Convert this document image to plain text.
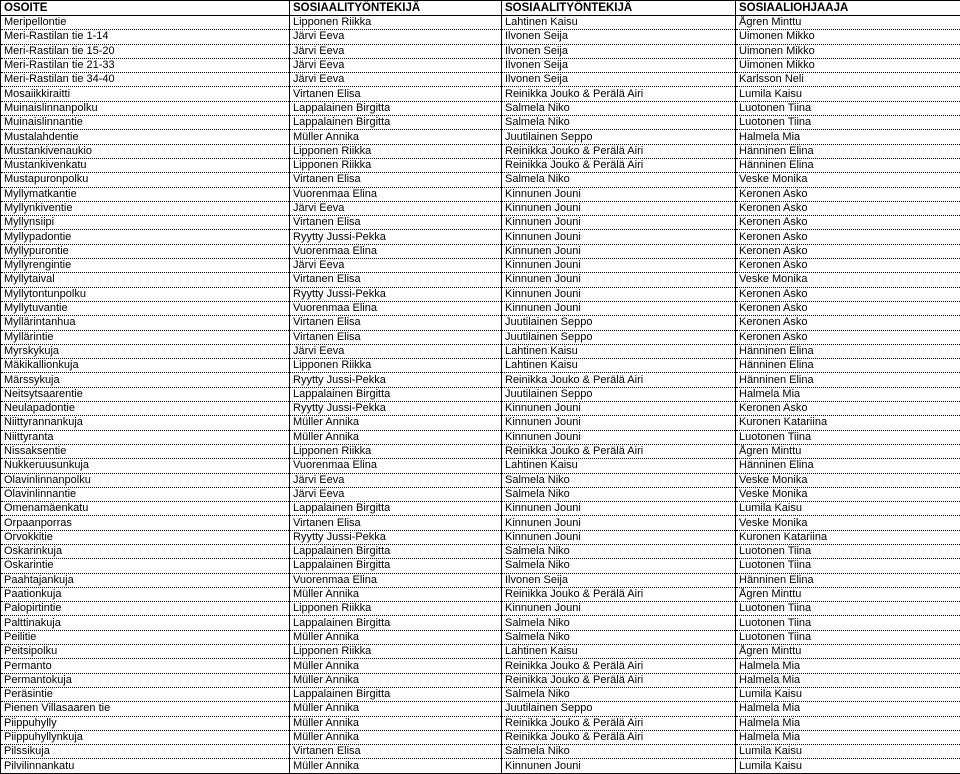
OSOITE	SOSIAALITYÖNTEKIJÄ	SOSIAALITYÖNTEKIJÄ	SOSIAALIOHJAAJA
Meripellontie	Lipponen Riikka	Lahtinen Kaisu	Ågren Minttu
Meri-Rastilan tie 1-14	Järvi Eeva	Ilvonen Seija	Uimonen Mikko
Meri-Rastilan tie 15-20	Järvi Eeva	Ilvonen Seija	Uimonen Mikko
Meri-Rastilan tie 21-33	Järvi Eeva	Ilvonen Seija	Uimonen Mikko
Meri-Rastilan tie 34-40	Järvi Eeva	Ilvonen Seija	Karlsson Neli
Mosaiikkiraitti	Virtanen Elisa	Reinikka Jouko & Perälä Airi	Lumila Kaisu
Muinaislinnanpolku	Lappalainen Birgitta	Salmela Niko	Luotonen Tiina
Muinaislinnantie	Lappalainen Birgitta	Salmela Niko	Luotonen Tiina
Mustalahdentie	Müller Annika	Juutilainen Seppo	Halmela Mia
Mustankivenaukio	Lipponen Riikka	Reinikka Jouko & Perälä Airi	Hänninen Elina
Mustankivenkatu	Lipponen Riikka	Reinikka Jouko & Perälä Airi	Hänninen Elina
Mustapuronpolku	Virtanen Elisa	Salmela Niko	Veske Monika
Myllymatkantie	Vuorenmaa Elina	Kinnunen Jouni	Keronen Asko
Myllynkiventie	Järvi Eeva	Kinnunen Jouni	Keronen Asko
Myllynsiipi	Virtanen Elisa	Kinnunen Jouni	Keronen Asko
Myllypadontie	Ryytty Jussi-Pekka	Kinnunen Jouni	Keronen Asko
Myllypurontie	Vuorenmaa Elina	Kinnunen Jouni	Keronen Asko
Myllyrengintie	Järvi Eeva	Kinnunen Jouni	Keronen Asko
Myllytaival	Virtanen Elisa	Kinnunen Jouni	Veske Monika
Myllytontunpolku	Ryytty Jussi-Pekka	Kinnunen Jouni	Keronen Asko
Myllytuvantie	Vuorenmaa Elina	Kinnunen Jouni	Keronen Asko
Myllärintanhua	Virtanen Elisa	Juutilainen Seppo	Keronen Asko
Myllärintie	Virtanen Elisa	Juutilainen Seppo	Keronen Asko
Myrskykuja	Järvi Eeva	Lahtinen Kaisu	Hänninen Elina
Mäkikallionkuja	Lipponen Riikka	Lahtinen Kaisu	Hänninen Elina
Märssykuja	Ryytty Jussi-Pekka	Reinikka Jouko & Perälä Airi	Hänninen Elina
Neitsytsaarentie	Lappalainen Birgitta	Juutilainen Seppo	Halmela Mia
Neulapadontie	Ryytty Jussi-Pekka	Kinnunen Jouni	Keronen Asko
Niittyrannankuja	Müller Annika	Kinnunen Jouni	Kuronen Katariina
Niittyranta	Müller Annika	Kinnunen Jouni	Luotonen Tiina
Nissaksentie	Lipponen Riikka	Reinikka Jouko & Perälä Airi	Ågren Minttu
Nukkeruusunkuja	Vuorenmaa Elina	Lahtinen Kaisu	Hänninen Elina
Olavinlinnanpolku	Järvi Eeva	Salmela Niko	Veske Monika
Olavinlinnantie	Järvi Eeva	Salmela Niko	Veske Monika
Omenamäenkatu	Lappalainen Birgitta	Kinnunen Jouni	Lumila Kaisu
Orpaanporras	Virtanen Elisa	Kinnunen Jouni	Veske Monika
Orvokkitie	Ryytty Jussi-Pekka	Kinnunen Jouni	Kuronen Katariina
Oskarinkuja	Lappalainen Birgitta	Salmela Niko	Luotonen Tiina
Oskarintie	Lappalainen Birgitta	Salmela Niko	Luotonen Tiina
Paahtajankuja	Vuorenmaa Elina	Ilvonen Seija	Hänninen Elina
Paationkuja	Müller Annika	Reinikka Jouko & Perälä Airi	Ågren Minttu
Palopirtintie	Lipponen Riikka	Kinnunen Jouni	Luotonen Tiina
Palttinakuja	Lappalainen Birgitta	Salmela Niko	Luotonen Tiina
Peilitie	Müller Annika	Salmela Niko	Luotonen Tiina
Peitsipolku	Lipponen Riikka	Lahtinen Kaisu	Ågren Minttu
Permanto	Müller Annika	Reinikka Jouko & Perälä Airi	Halmela Mia
Permantokuja	Müller Annika	Reinikka Jouko & Perälä Airi	Halmela Mia
Peräsintie	Lappalainen Birgitta	Salmela Niko	Lumila Kaisu
Pienen Villasaaren tie	Müller Annika	Juutilainen Seppo	Halmela Mia
Piippuhylly	Müller Annika	Reinikka Jouko & Perälä Airi	Halmela Mia
Piippuhyllynkuja	Müller Annika	Reinikka Jouko & Perälä Airi	Halmela Mia
Pilssikuja	Virtanen Elisa	Salmela Niko	Lumila Kaisu
Pilvilinnankatu	Müller Annika	Kinnunen Jouni	Lumila Kaisu
